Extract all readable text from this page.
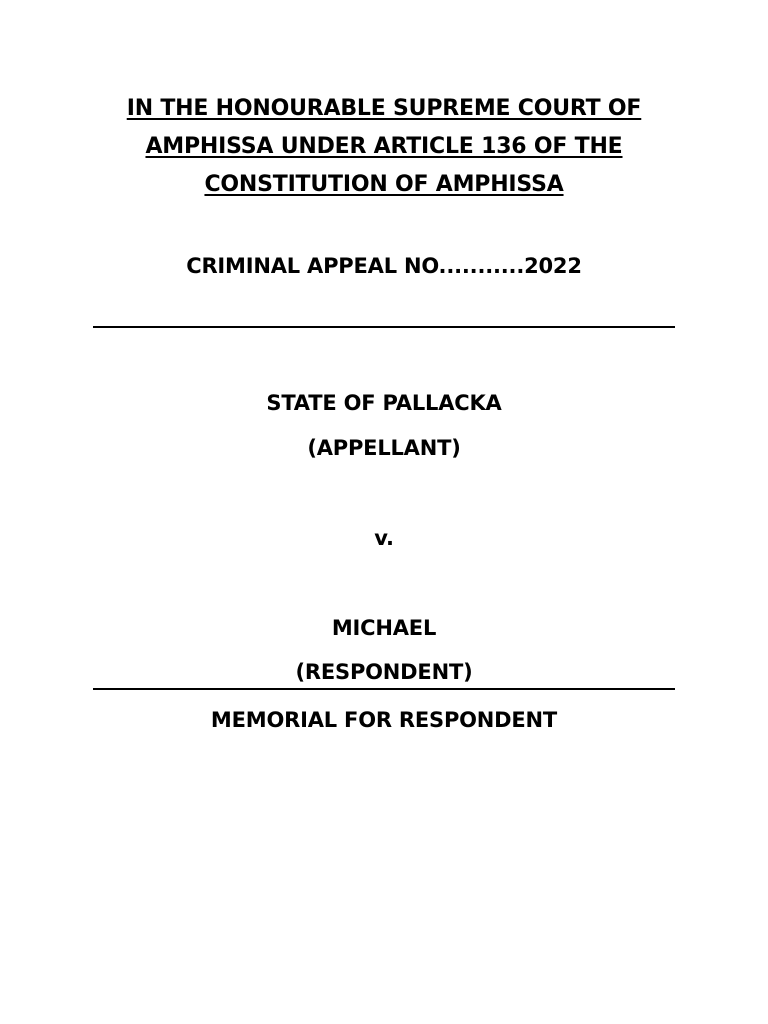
IN THE HONOURABLE SUPREME COURT OF
AMPHISSA UNDER ARTICLE 136 OF THE
CONSTITUTION OF AMPHISSA
CRIMINAL APPEAL NO...........2022
STATE OF PALLACKA
(APPELLANT)
v.
MICHAEL
(RESPONDENT)
MEMORIAL FOR RESPONDENT
